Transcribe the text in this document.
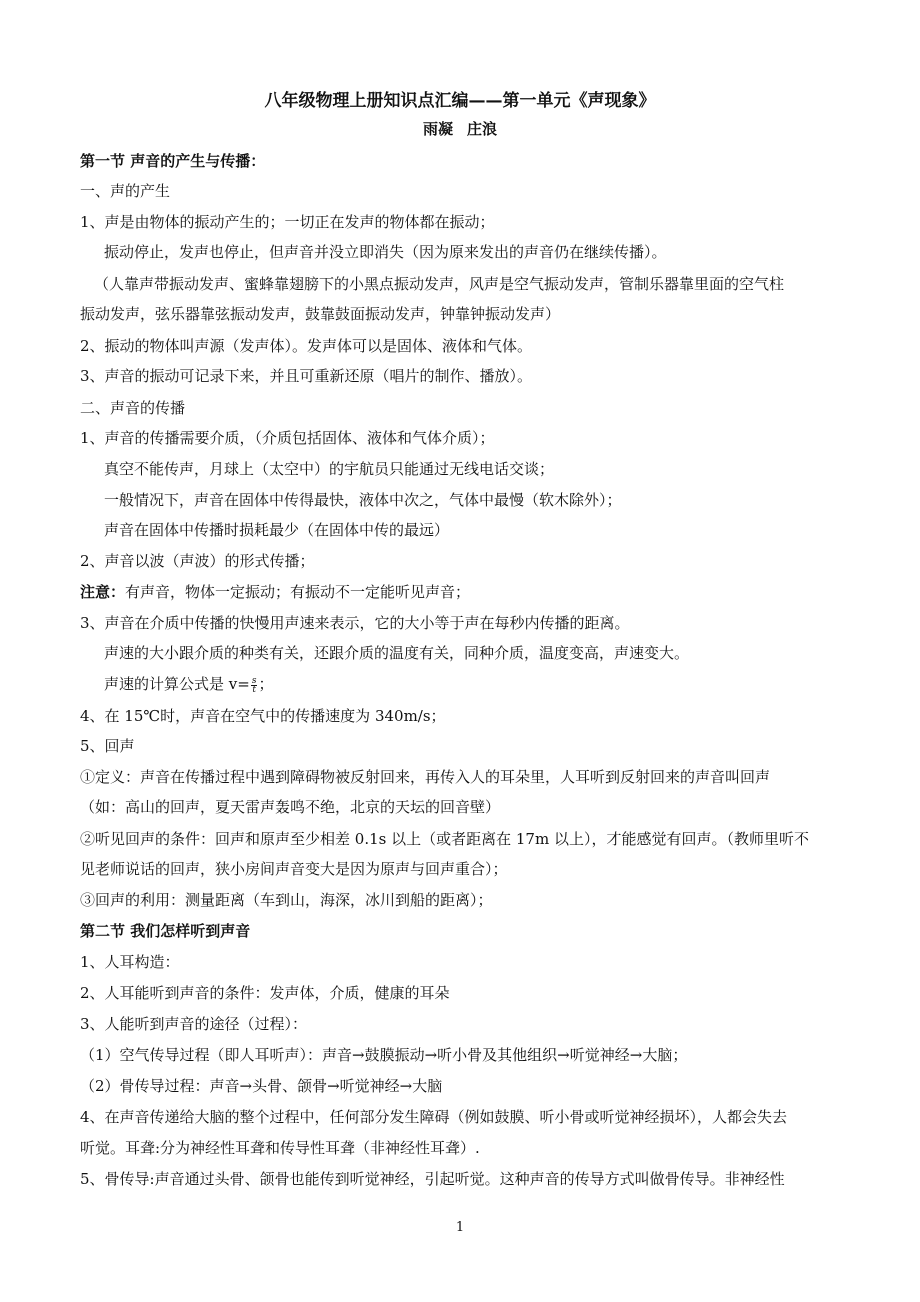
八年级物理上册知识点汇编——第一单元《声现象》
雨凝 庄浪
第一节 声音的产生与传播：
一、声的产生
1、声是由物体的振动产生的；一切正在发声的物体都在振动；
振动停止，发声也停止，但声音并没立即消失（因为原来发出的声音仍在继续传播）。
（人靠声带振动发声、蜜蜂靠翅膀下的小黑点振动发声，风声是空气振动发声，管制乐器靠里面的空气柱
振动发声，弦乐器靠弦振动发声，鼓靠鼓面振动发声，钟靠钟振动发声）
2、振动的物体叫声源（发声体）。发声体可以是固体、液体和气体。
3、声音的振动可记录下来，并且可重新还原（唱片的制作、播放）。
二、声音的传播
1、声音的传播需要介质，（介质包括固体、液体和气体介质）；
真空不能传声，月球上（太空中）的宇航员只能通过无线电话交谈；
一般情况下，声音在固体中传得最快，液体中次之，气体中最慢（软木除外）；
声音在固体中传播时损耗最少（在固体中传的最远）
2、声音以波（声波）的形式传播；
注意：有声音，物体一定振动；有振动不一定能听见声音；
3、声音在介质中传播的快慢用声速来表示，它的大小等于声在每秒内传播的距离。
声速的大小跟介质的种类有关，还跟介质的温度有关，同种介质，温度变高，声速变大。
声速的计算公式是 $v= \frac{s}{t}$ ；
4、在 15℃时，声音在空气中的传播速度为 340m/s；
5、回声
①定义：声音在传播过程中遇到障碍物被反射回来，再传入人的耳朵里，人耳听到反射回来的声音叫回声
（如：高山的回声，夏天雷声轰鸣不绝，北京的天坛的回音壁）
②听见回声的条件：回声和原声至少相差 0.1s 以上（或者距离在 17m 以上），才能感觉有回声。（教师里听不
见老师说话的回声，狭小房间声音变大是因为原声与回声重合）；
③回声的利用：测量距离（车到山，海深，冰川到船的距离）；
第二节 我们怎样听到声音
1、人耳构造：
2、人耳能听到声音的条件：发声体，介质，健康的耳朵
3、人能听到声音的途径（过程）：
（1）空气传导过程（即人耳听声）：声音→鼓膜振动→听小骨及其他组织→听觉神经→大脑；
（2）骨传导过程：声音→头骨、颌骨→听觉神经→大脑
4、在声音传递给大脑的整个过程中，任何部分发生障碍（例如鼓膜、听小骨或听觉神经损坏），人都会失去
听觉。耳聋:分为神经性耳聋和传导性耳聋（非神经性耳聋）.
5、骨传导:声音通过头骨、颌骨也能传到听觉神经，引起听觉。这种声音的传导方式叫做骨传导。非神经性
1
